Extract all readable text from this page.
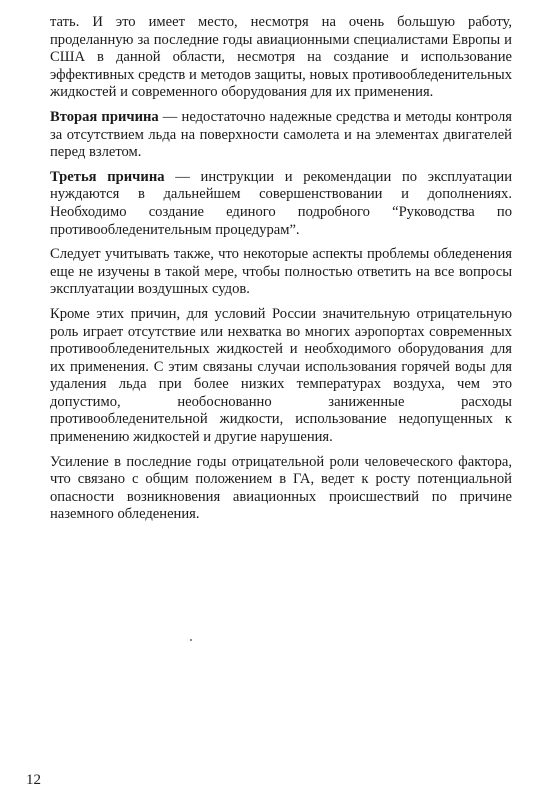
тать. И это имеет место, несмотря на очень большую работу, проделанную за последние годы авиационными специалистами Европы и США в данной области, несмотря на создание и использование эффективных средств и методов защиты, новых противообледенительных жидкостей и современного оборудования для их применения.

Вторая причина — недостаточно надежные средства и методы контроля за отсутствием льда на поверхности самолета и на элементах двигателей перед взлетом.

Третья причина — инструкции и рекомендации по эксплуатации нуждаются в дальнейшем совершенствовании и дополнениях. Необходимо создание единого подробного “Руководства по противообледенительным процедурам”.

Следует учитывать также, что некоторые аспекты проблемы обледенения еще не изучены в такой мере, чтобы полностью ответить на все вопросы эксплуатации воздушных судов.

Кроме этих причин, для условий России значительную отрицательную роль играет отсутствие или нехватка во многих аэропортах современных противообледенительных жидкостей и необходимого оборудования для их применения. С этим связаны случаи использования горячей воды для удаления льда при более низких температурах воздуха, чем это допустимо, необоснованно заниженные расходы противообледенительной жидкости, использование недопущенных к применению жидкостей и другие нарушения.

Усиление в последние годы отрицательной роли человеческого фактора, что связано с общим положением в ГА, ведет к росту потенциальной опасности возникновения авиационных происшествий по причине наземного обледенения.

12
